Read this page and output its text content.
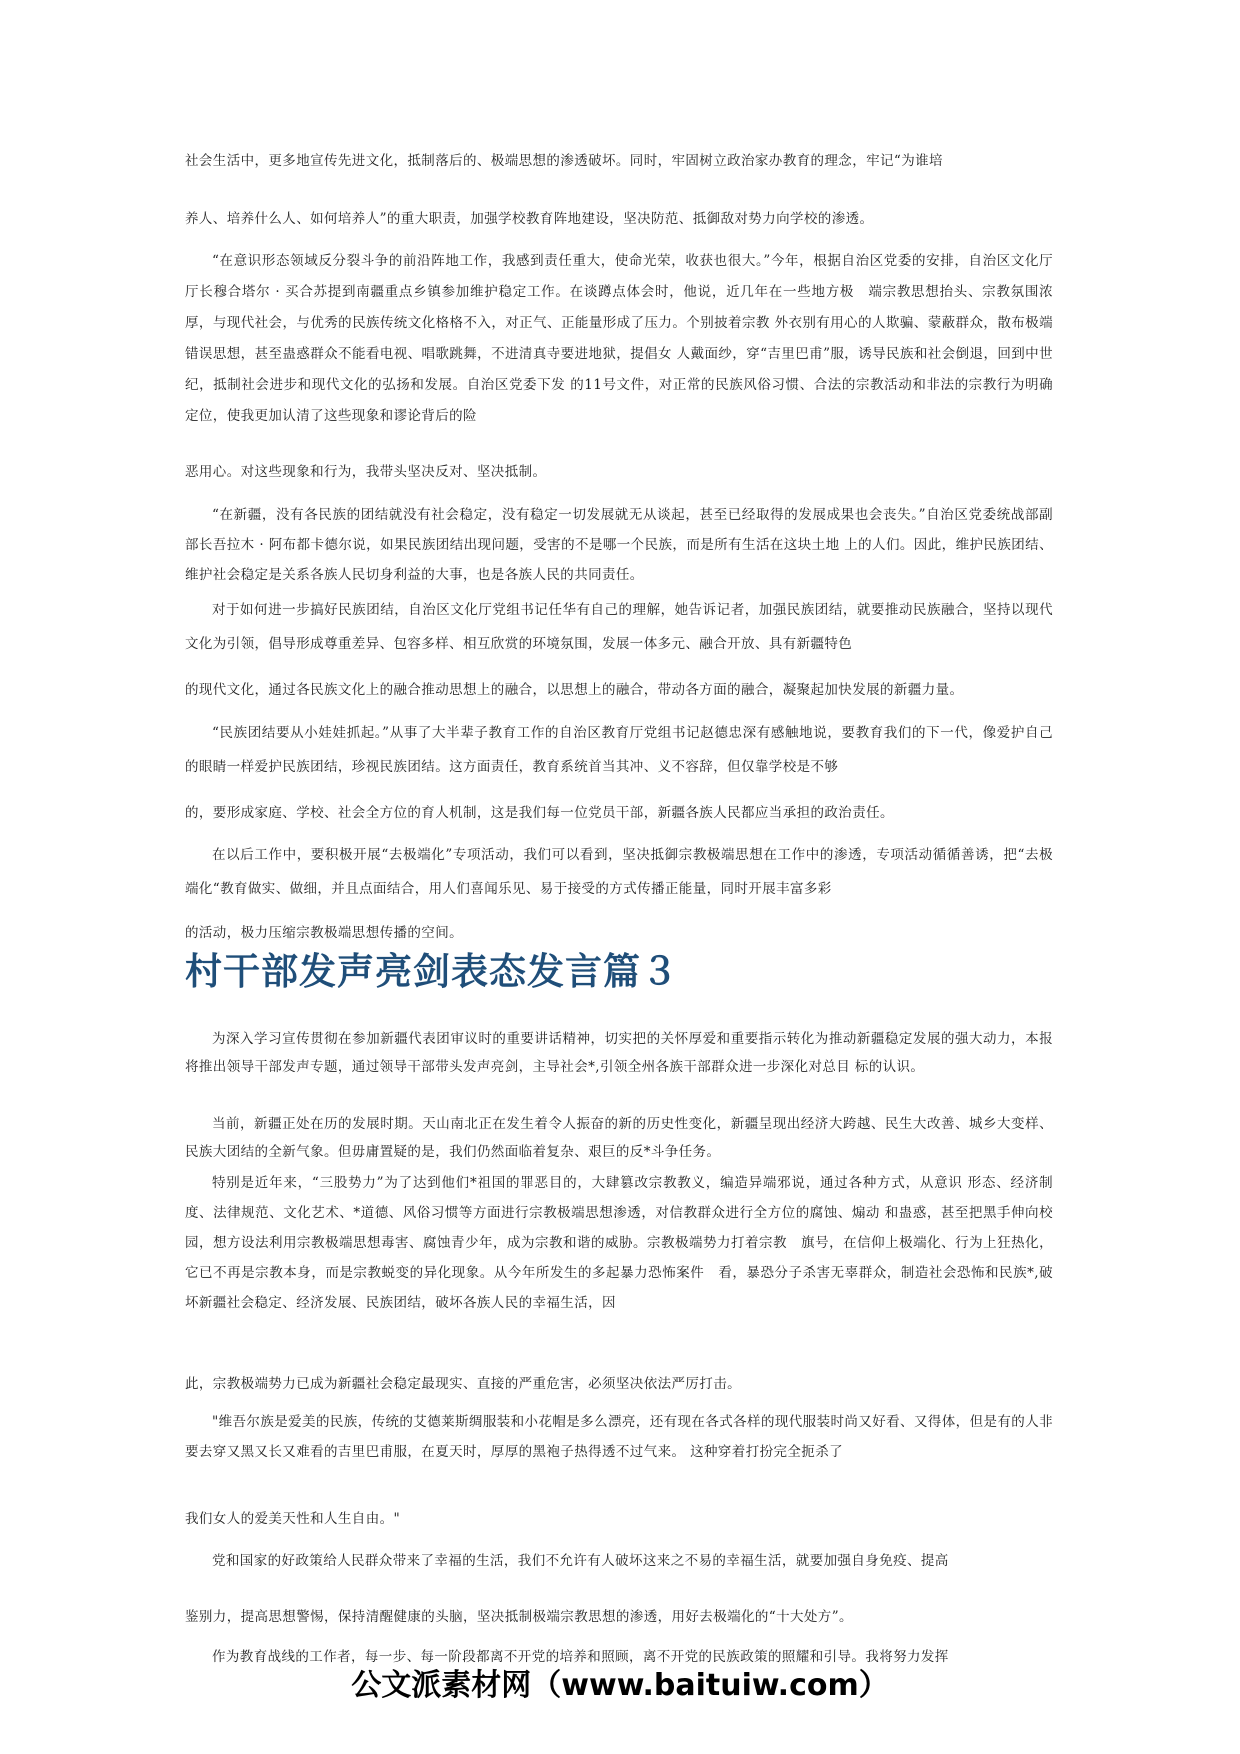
社会生活中，更多地宣传先进文化，抵制落后的、极端思想的渗透破坏。同时，牢固树立政治家办教育的理念，牢记“为谁培

养人、培养什么人、如何培养人”的重大职责，加强学校教育阵地建设，坚决防范、抵御敌对势力向学校的渗透。

“在意识形态领域反分裂斗争的前沿阵地工作，我感到责任重大，使命光荣，收获也很大。”今年，根据自治区党委的安排，自治区文化厅厅长穆合塔尔 · 买合苏提到南疆重点乡镇参加维护稳定工作。在谈蹲点体会时，他说，近几年在一些地方极　端宗教思想抬头、宗教氛围浓厚，与现代社会，与优秀的民族传统文化格格不入，对正气、正能量形成了压力。个别披着宗教 外衣别有用心的人欺骗、蒙蔽群众，散布极端错误思想，甚至蛊惑群众不能看电视、唱歌跳舞，不进清真寺要进地狱，提倡女 人戴面纱，穿“吉里巴甫”服，诱导民族和社会倒退，回到中世纪，抵制社会进步和现代文化的弘扬和发展。自治区党委下发 的11号文件，对正常的民族风俗习惯、合法的宗教活动和非法的宗教行为明确定位，使我更加认清了这些现象和谬论背后的险

恶用心。对这些现象和行为，我带头坚决反对、坚决抵制。

“在新疆，没有各民族的团结就没有社会稳定，没有稳定一切发展就无从谈起，甚至已经取得的发展成果也会丧失。”自治区党委统战部副部长吾拉木 · 阿布都卡德尔说，如果民族团结出现问题，受害的不是哪一个民族，而是所有生活在这块土地 上的人们。因此，维护民族团结、维护社会稳定是关系各族人民切身利益的大事，也是各族人民的共同责任。

对于如何进一步搞好民族团结，自治区文化厅党组书记任华有自己的理解，她告诉记者，加强民族团结，就要推动民族融合，坚持以现代文化为引领，倡导形成尊重差异、包容多样、相互欣赏的环境氛围，发展一体多元、融合开放、具有新疆特色

的现代文化，通过各民族文化上的融合推动思想上的融合，以思想上的融合，带动各方面的融合，凝聚起加快发展的新疆力量。

“民族团结要从小娃娃抓起。”从事了大半辈子教育工作的自治区教育厅党组书记赵德忠深有感触地说，要教育我们的下一代，像爱护自己的眼睛一样爱护民族团结，珍视民族团结。这方面责任，教育系统首当其冲、义不容辞，但仅靠学校是不够

的，要形成家庭、学校、社会全方位的育人机制，这是我们每一位党员干部，新疆各族人民都应当承担的政治责任。

在以后工作中，要积极开展“去极端化”专项活动，我们可以看到，坚决抵御宗教极端思想在工作中的渗透，专项活动循循善诱，把“去极端化“教育做实、做细，并且点面结合，用人们喜闻乐见、易于接受的方式传播正能量，同时开展丰富多彩

的活动，极力压缩宗教极端思想传播的空间。

村干部发声亮剑表态发言篇３

为深入学习宣传贯彻在参加新疆代表团审议时的重要讲话精神，切实把的关怀厚爱和重要指示转化为推动新疆稳定发展的强大动力，本报将推出领导干部发声专题，通过领导干部带头发声亮剑，主导社会*,引领全州各族干部群众进一步深化对总目 标的认识。

当前，新疆正处在历的发展时期。天山南北正在发生着令人振奋的新的历史性变化，新疆呈现出经济大跨越、民生大改善、城乡大变样、民族大团结的全新气象。但毋庸置疑的是，我们仍然面临着复杂、艰巨的反*斗争任务。

特别是近年来，“三股势力”为了达到他们*祖国的罪恶目的，大肆篡改宗教教义，编造异端邪说，通过各种方式，从意识 形态、经济制度、法律规范、文化艺术、*道德、风俗习惯等方面进行宗教极端思想渗透，对信教群众进行全方位的腐蚀、煽动 和蛊惑，甚至把黑手伸向校园，想方设法利用宗教极端思想毒害、腐蚀青少年，成为宗教和谐的威胁。宗教极端势力打着宗教　旗号，在信仰上极端化、行为上狂热化，它已不再是宗教本身，而是宗教蜕变的异化现象。从今年所发生的多起暴力恐怖案件　看，暴恐分子杀害无辜群众，制造社会恐怖和民族*,破坏新疆社会稳定、经济发展、民族团结，破坏各族人民的幸福生活，因

此，宗教极端势力已成为新疆社会稳定最现实、直接的严重危害，必须坚决依法严厉打击。

"维吾尔族是爱美的民族，传统的艾德莱斯绸服装和小花帽是多么漂亮，还有现在各式各样的现代服装时尚又好看、又得体，但是有的人非要去穿又黑又长又难看的吉里巴甫服，在夏天时，厚厚的黑袍子热得透不过气来。 这种穿着打扮完全扼杀了

我们女人的爱美天性和人生自由。"

党和国家的好政策给人民群众带来了幸福的生活，我们不允许有人破坏这来之不易的幸福生活，就要加强自身免疫、提高

鉴别力，提高思想警惕，保持清醒健康的头脑，坚决抵制极端宗教思想的渗透，用好去极端化的“十大处方”。

作为教育战线的工作者，每一步、每一阶段都离不开党的培养和照顾，离不开党的民族政策的照耀和引导。我将努力发挥

公文派素材网（www.baituiw.com）
